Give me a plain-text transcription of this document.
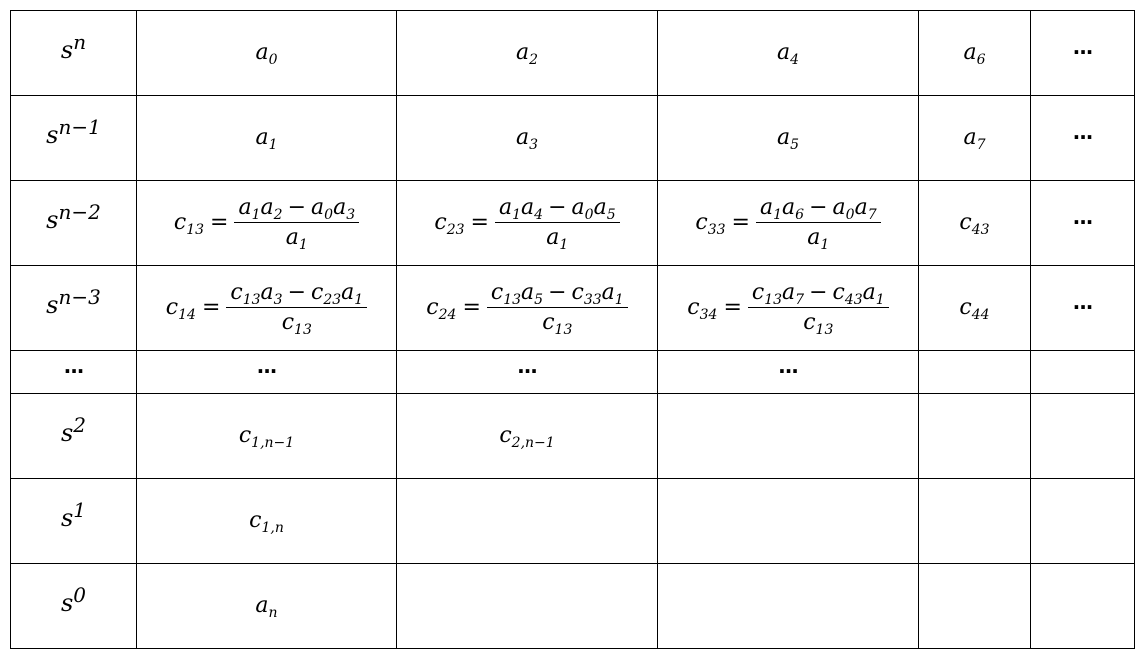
$s^n$	$a_0$	$a_2$	$a_4$	$a_6$	...
$s^{n-1}$	$a_1$	$a_3$	$a_5$	$a_7$	...
$s^{n-2}$	$c_{13} = \frac{a_1a_2 - a_0a_3}{a_1}$	$c_{23} = \frac{a_1a_4 - a_0a_5}{a_1}$	$c_{33} = \frac{a_1a_6 - a_0a_7}{a_1}$	$c_{43}$	...
$s^{n-3}$	$c_{14} = \frac{c_{13}a_3 - c_{23}a_1}{c_{13}}$	$c_{24} = \frac{c_{13}a_5 - c_{33}a_1}{c_{13}}$	$c_{34} = \frac{c_{13}a_7 - c_{43}a_1}{c_{13}}$	$c_{44}$	...
...	...	...	...		
$s^2$	$c_{1,n-1}$	$c_{2,n-1}$			
$s^1$	$c_{1,n}$				
$s^0$	$a_n$				
